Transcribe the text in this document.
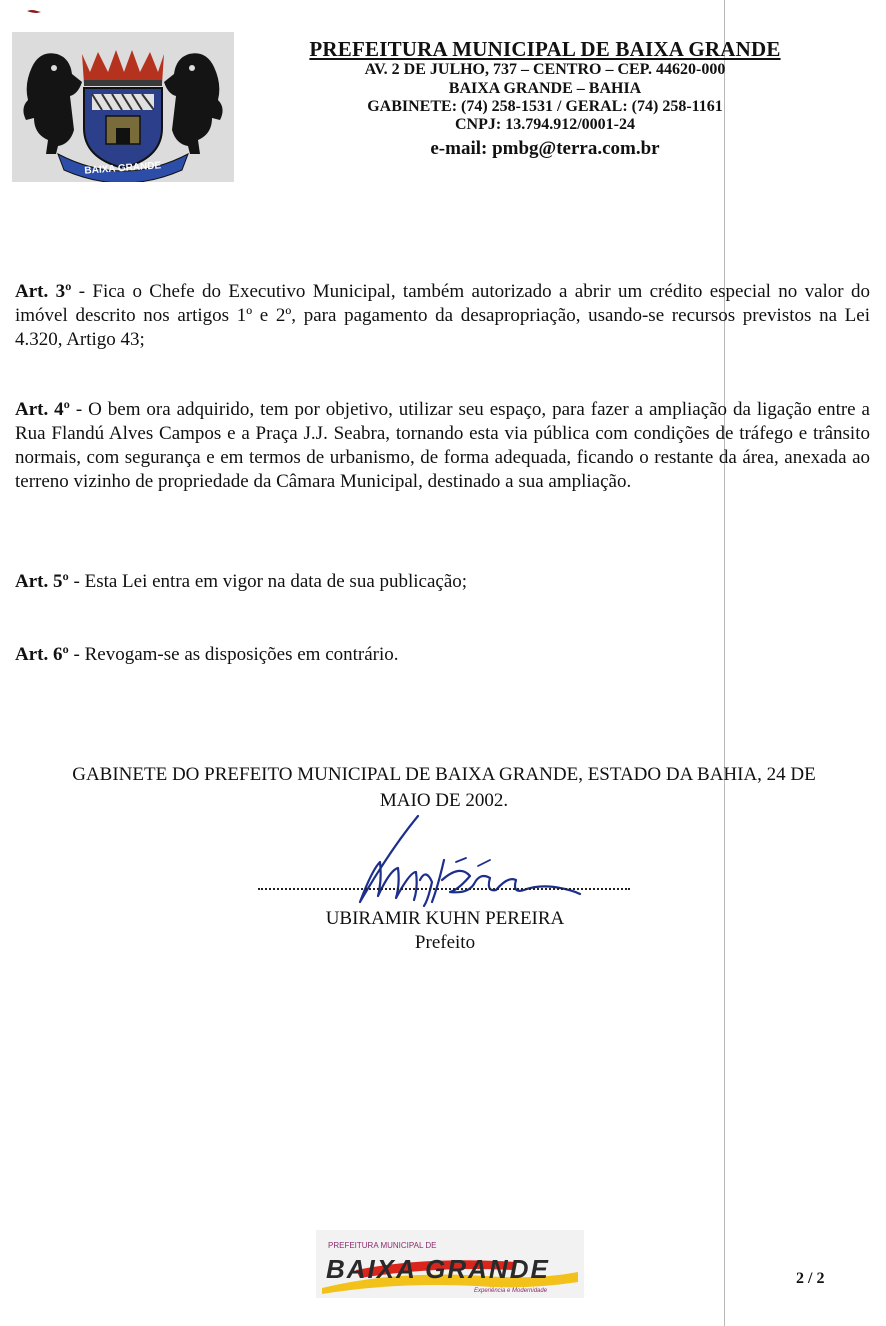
BAIXA GRANDE
PREFEITURA MUNICIPAL DE BAIXA GRANDE
AV. 2 DE JULHO, 737 – CENTRO – CEP. 44620-000
BAIXA GRANDE – BAHIA
GABINETE: (74) 258-1531 / GERAL: (74) 258-1161
CNPJ: 13.794.912/0001-24
e-mail: pmbg@terra.com.br
Art. 3º - Fica o Chefe do Executivo Municipal, também autorizado a abrir um crédito especial no valor do imóvel descrito nos artigos 1º e 2º, para pagamento da desapropriação, usando-se recursos previstos na Lei 4.320, Artigo 43;
Art. 4º - O bem ora adquirido, tem por objetivo, utilizar seu espaço, para fazer a ampliação da ligação entre a Rua Flandú Alves Campos e a Praça J.J. Seabra, tornando esta via pública com condições de tráfego e trânsito normais, com segurança e em termos de urbanismo, de forma adequada, ficando o restante da área, anexada ao terreno vizinho de propriedade da Câmara Municipal, destinado a sua ampliação.
Art. 5º - Esta Lei entra em vigor na data de sua publicação;
Art. 6º - Revogam-se as disposições em contrário.
GABINETE DO PREFEITO MUNICIPAL DE BAIXA GRANDE, ESTADO DA BAHIA, 24 DE
MAIO DE 2002.
UBIRAMIR KUHN PEREIRA
Prefeito
PREFEITURA MUNICIPAL DE
BAIXA GRANDE
Experiência e Modernidade
2 / 2
